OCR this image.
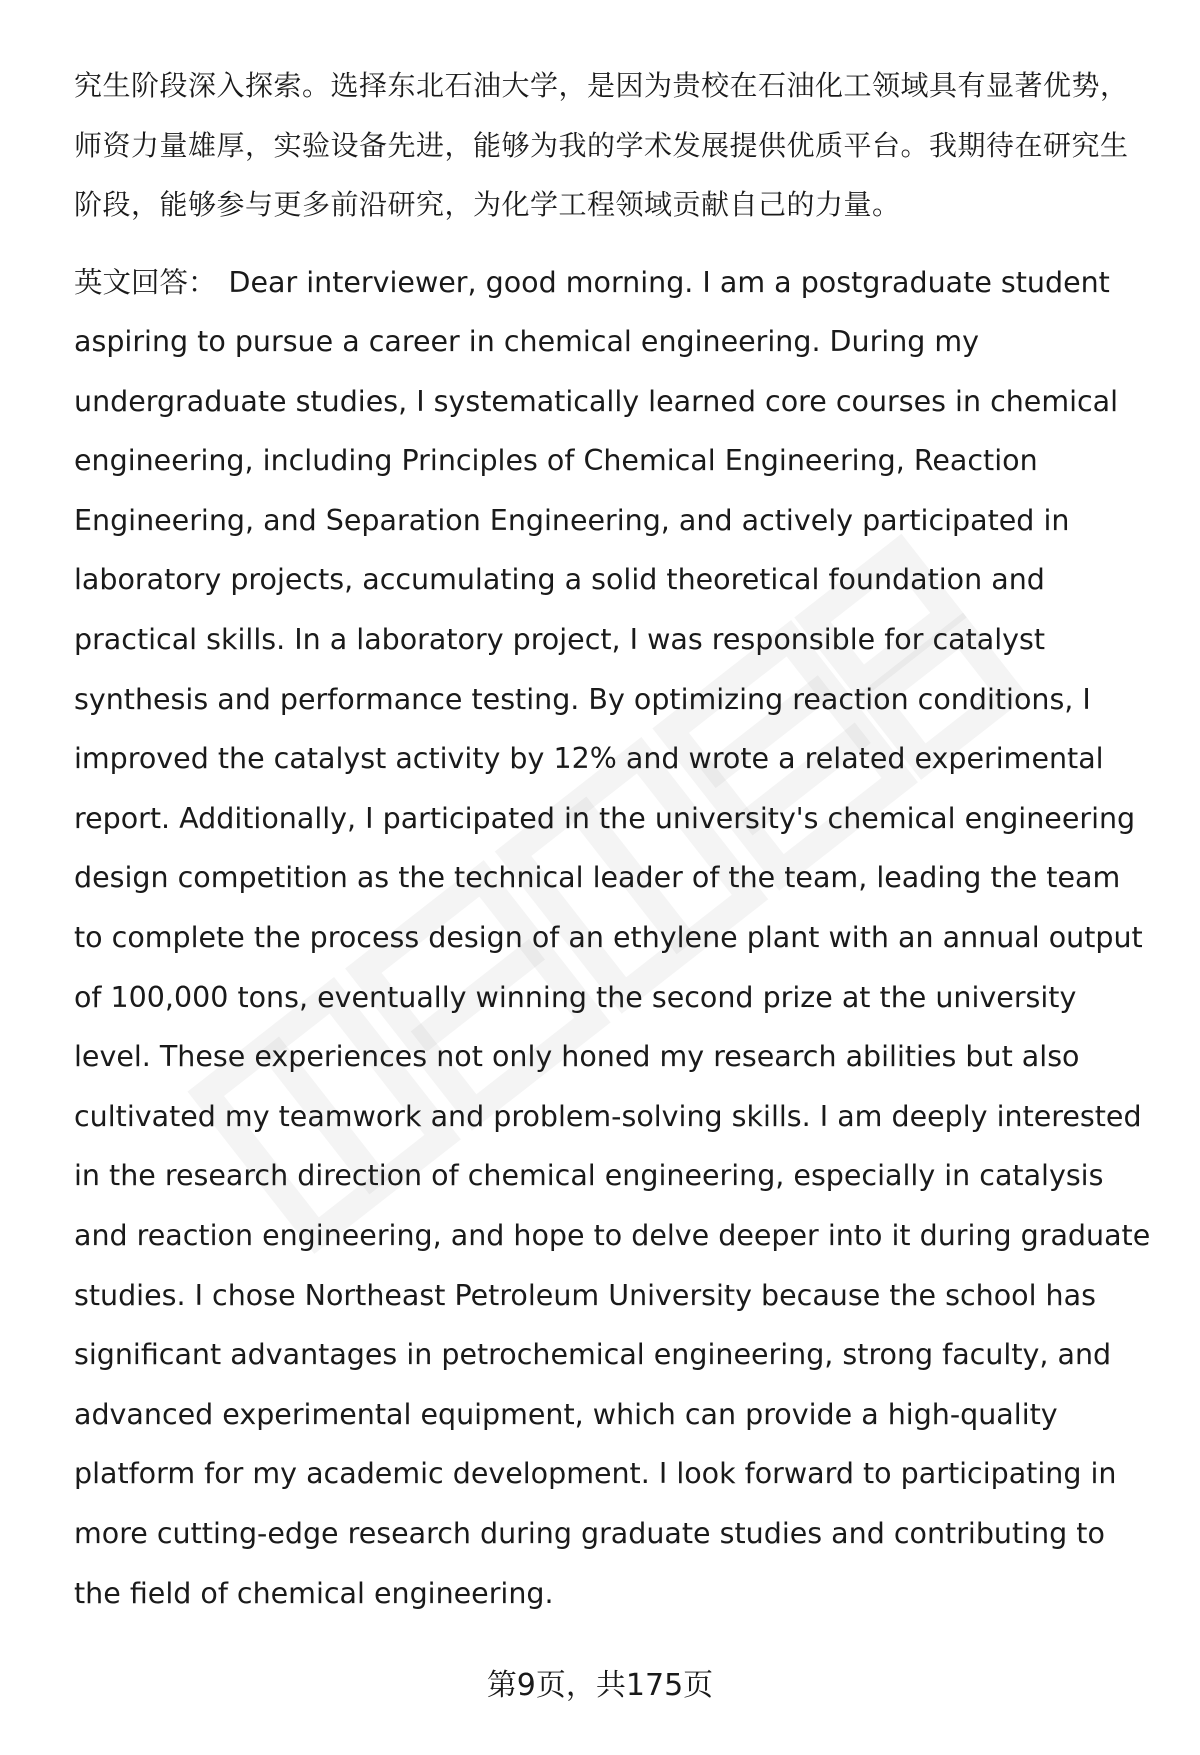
究生阶段深入探索。选择东北石油大学，是因为贵校在石油化工领域具有显著优势，师资力量雄厚，实验设备先进，能够为我的学术发展提供优质平台。我期待在研究生阶段，能够参与更多前沿研究，为化学工程领域贡献自己的力量。

英文回答： Dear interviewer, good morning. I am a postgraduate student aspiring to pursue a career in chemical engineering. During my undergraduate studies, I systematically learned core courses in chemical engineering, including Principles of Chemical Engineering, Reaction Engineering, and Separation Engineering, and actively participated in laboratory projects, accumulating a solid theoretical foundation and practical skills. In a laboratory project, I was responsible for catalyst synthesis and performance testing. By optimizing reaction conditions, I improved the catalyst activity by 12% and wrote a related experimental report. Additionally, I participated in the university's chemical engineering design competition as the technical leader of the team, leading the team to complete the process design of an ethylene plant with an annual output of 100,000 tons, eventually winning the second prize at the university level. These experiences not only honed my research abilities but also cultivated my teamwork and problem-solving skills. I am deeply interested in the research direction of chemical engineering, especially in catalysis and reaction engineering, and hope to delve deeper into it during graduate studies. I chose Northeast Petroleum University because the school has significant advantages in petrochemical engineering, strong faculty, and advanced experimental equipment, which can provide a high-quality platform for my academic development. I look forward to participating in more cutting-edge research during graduate studies and contributing to the field of chemical engineering.

第9页，共175页
